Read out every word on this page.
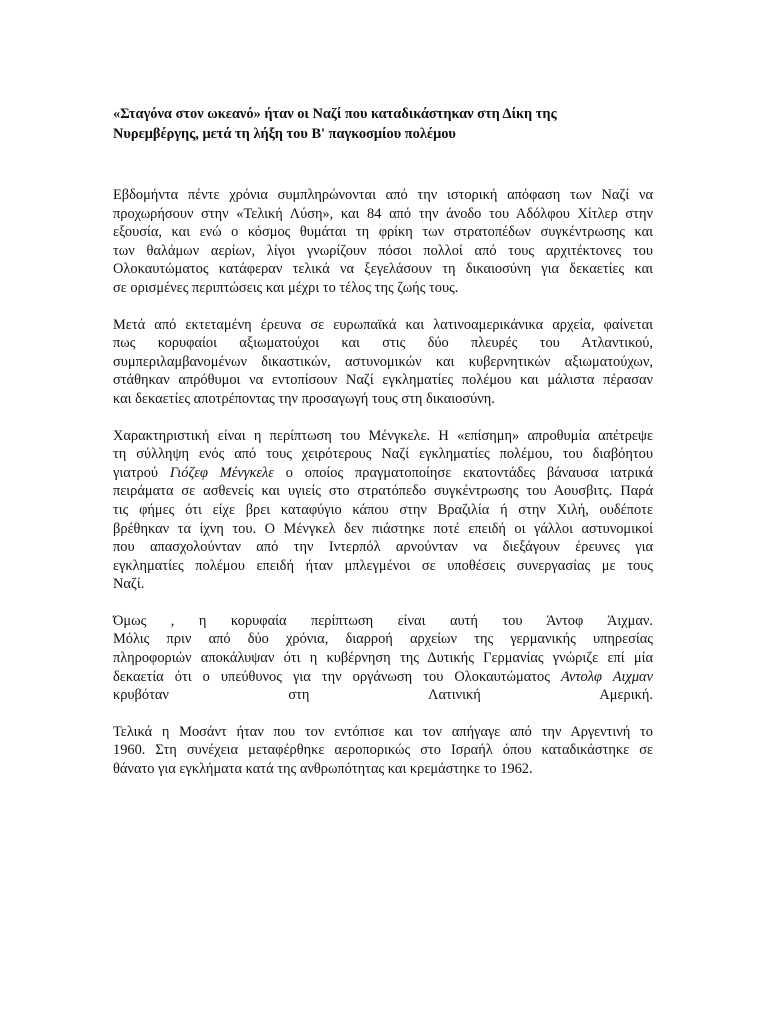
«Σταγόνα στον ωκεανό» ήταν οι Ναζί που καταδικάστηκαν στη Δίκη της Νυρεμβέργης, μετά τη λήξη του Β' παγκοσμίου πολέμου

Εβδομήντα πέντε χρόνια συμπληρώνονται από την ιστορική απόφαση των Ναζί να
προχωρήσουν στην «Τελική Λύση», και 84 από την άνοδο του Αδόλφου Χίτλερ στην
εξουσία, και ενώ ο κόσμος θυμάται τη φρίκη των στρατοπέδων συγκέντρωσης και
των θαλάμων αερίων, λίγοι γνωρίζουν πόσοι πολλοί από τους αρχιτέκτονες του
Ολοκαυτώματος κατάφεραν τελικά να ξεγελάσουν τη δικαιοσύνη για δεκαετίες και
σε ορισμένες περιπτώσεις και μέχρι το τέλος της ζωής τους.

Μετά από εκτεταμένη έρευνα σε ευρωπαϊκά και λατινοαμερικάνικα αρχεία, φαίνεται
πως κορυφαίοι αξιωματούχοι και στις δύο πλευρές του Ατλαντικού,
συμπεριλαμβανομένων δικαστικών, αστυνομικών και κυβερνητικών αξιωματούχων,
στάθηκαν απρόθυμοι να εντοπίσουν Ναζί εγκληματίες πολέμου και μάλιστα πέρασαν
και δεκαετίες αποτρέποντας την προσαγωγή τους στη δικαιοσύνη.

Χαρακτηριστική είναι η περίπτωση του Μένγκελε. Η «επίσημη» απροθυμία απέτρεψε
τη σύλληψη ενός από τους χειρότερους Ναζί εγκληματίες πολέμου, του διαβόητου
γιατρού Γιόζεφ Μένγκελε ο οποίος πραγματοποίησε εκατοντάδες βάναυσα ιατρικά
πειράματα σε ασθενείς και υγιείς στο στρατόπεδο συγκέντρωσης του Αουσβιτς. Παρά
τις φήμες ότι είχε βρει καταφύγιο κάπου στην Βραζιλία ή στην Χιλή, ουδέποτε
βρέθηκαν τα ίχνη του. Ο Μένγκελ δεν πιάστηκε ποτέ επειδή οι γάλλοι αστυνομικοί
που απασχολούνταν από την Ιντερπόλ αρνούνταν να διεξάγουν έρευνες για
εγκληματίες πολέμου επειδή ήταν μπλεγμένοι σε υποθέσεις συνεργασίας με τους
Ναζί.

Όμως , η κορυφαία περίπτωση είναι αυτή του Άντοφ Άιχμαν.
Μόλις πριν από δύο χρόνια, διαρροή αρχείων της γερμανικής υπηρεσίας
πληροφοριών αποκάλυψαν ότι η κυβέρνηση της Δυτικής Γερμανίας γνώριζε επί μία
δεκαετία ότι ο υπεύθυνος για την οργάνωση του Ολοκαυτώματος Αντολφ Αιχμαν
κρυβόταν στη Λατινική Αμερική.

Τελικά η Μοσάντ ήταν που τον εντόπισε και τον απήγαγε από την Αργεντινή το
1960. Στη συνέχεια μεταφέρθηκε αεροπορικώς στο Ισραήλ όπου καταδικάστηκε σε
θάνατο για εγκλήματα κατά της ανθρωπότητας και κρεμάστηκε το 1962.
